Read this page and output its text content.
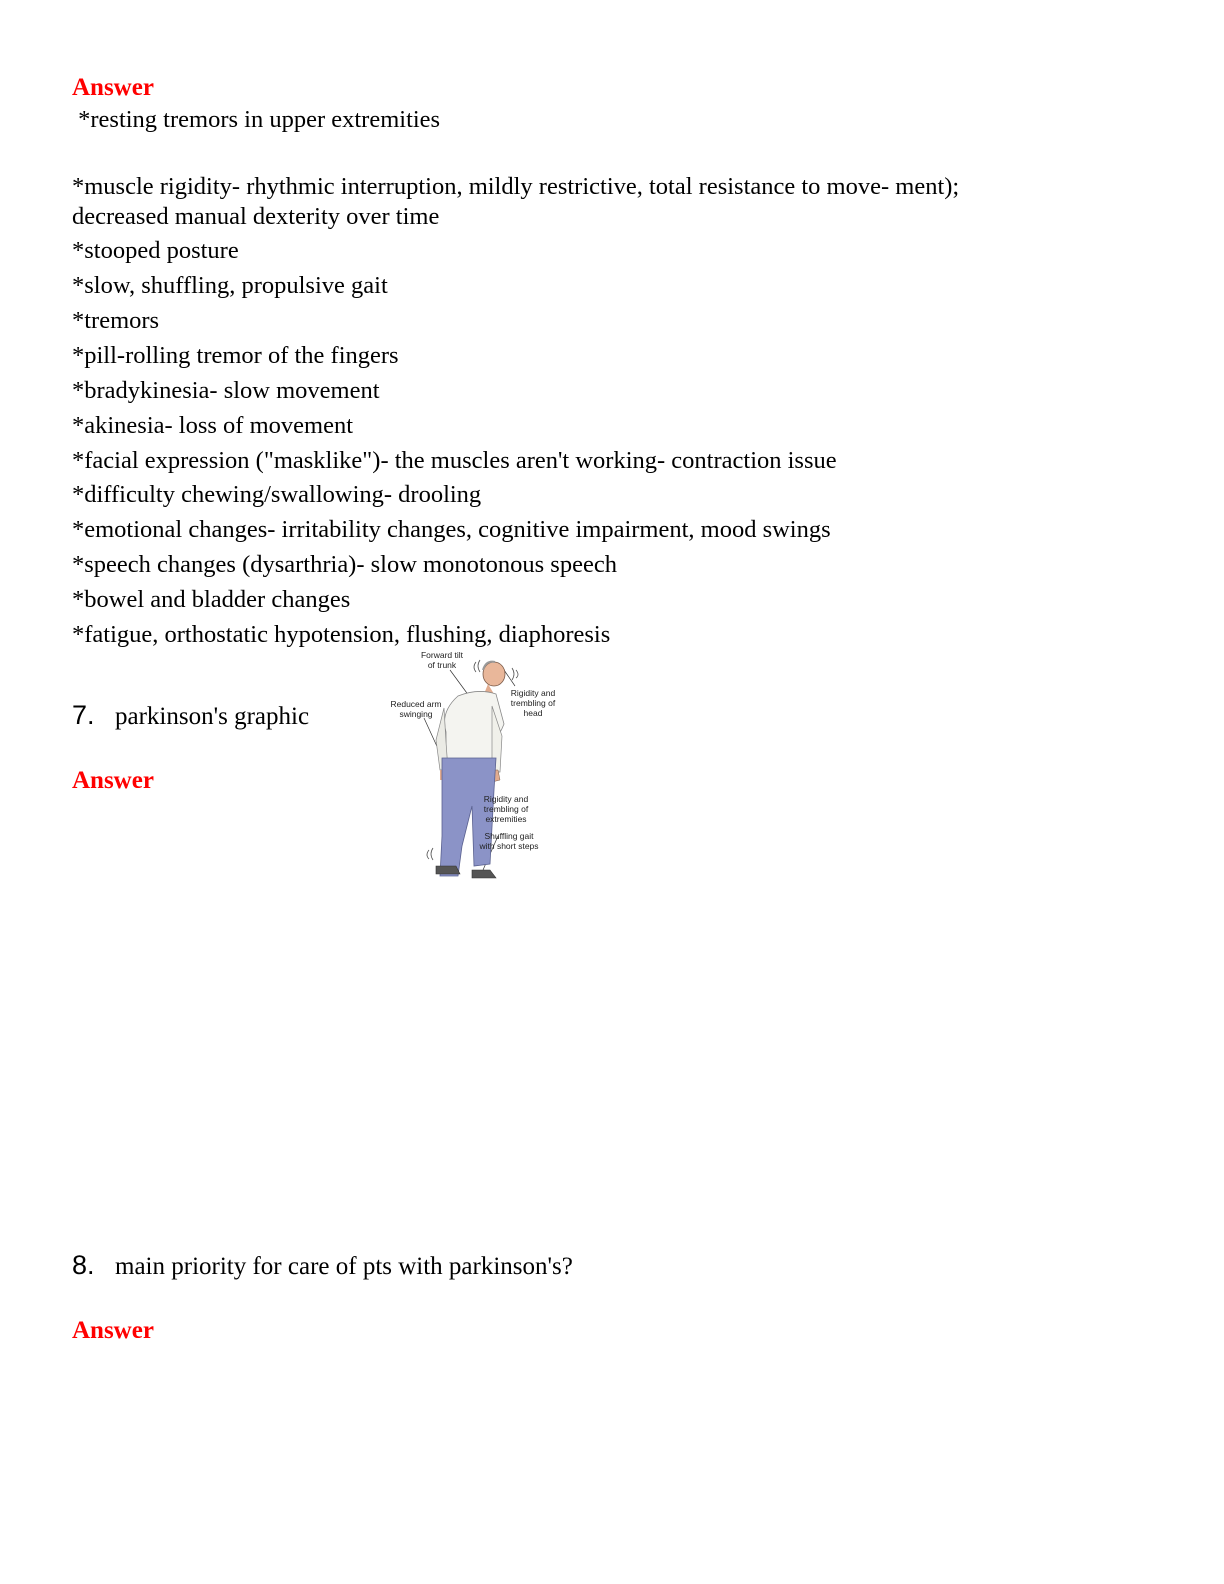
Answer
*resting tremors in upper extremities
*muscle rigidity- rhythmic interruption, mildly restrictive, total resistance to move- ment);
decreased manual dexterity over time
*stooped posture
*slow, shuffling, propulsive gait
*tremors
*pill-rolling tremor of the fingers
*bradykinesia- slow movement
*akinesia- loss of movement
*facial expression ("masklike")- the muscles aren't working- contraction issue
*difficulty chewing/swallowing- drooling
*emotional changes- irritability changes, cognitive impairment, mood swings
*speech changes (dysarthria)- slow monotonous speech
*bowel and bladder changes
*fatigue, orthostatic hypotension, flushing, diaphoresis
7. parkinson's graphic
Answer
Forward tilt
of trunk
Rigidity and
trembling of
head
Reduced arm
swinging
Rigidity and
trembling of
extremities
Shuffling gait
with short steps
8. main priority for care of pts with parkinson's?
Answer
